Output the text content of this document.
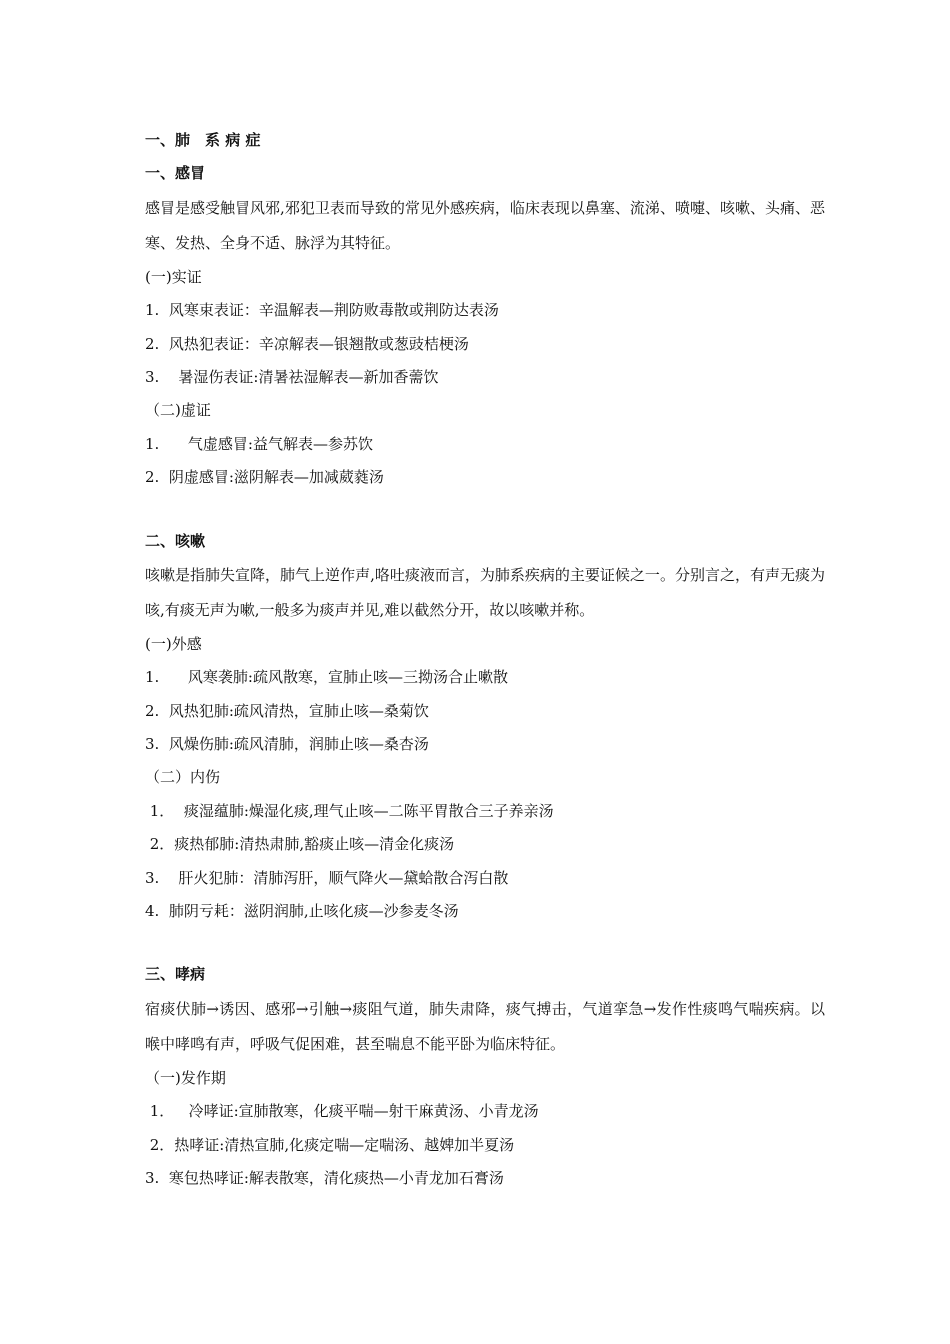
一、肺　系 病 症
一、感冒
感冒是感受触冒风邪,邪犯卫表而导致的常见外感疾病，临床表现以鼻塞、流涕、喷嚏、咳嗽、头痛、恶寒、发热、全身不适、脉浮为其特征。
(一)实证
1.  风寒束表证：辛温解表—荆防败毒散或荆防达表汤
2.  风热犯表证：辛凉解表—银翘散或葱豉桔梗汤
3.    暑湿伤表证:清暑祛湿解表—新加香薷饮
（二)虚证
1.      气虚感冒:益气解表—参苏饮
2.  阴虚感冒:滋阴解表—加减葳蕤汤
二、咳嗽
咳嗽是指肺失宣降，肺气上逆作声,咯吐痰液而言，为肺系疾病的主要证候之一。分别言之，有声无痰为咳,有痰无声为嗽,一般多为痰声并见,难以截然分开，故以咳嗽并称。
(一)外感
1.      风寒袭肺:疏风散寒，宣肺止咳—三拗汤合止嗽散
2.  风热犯肺:疏风清热，宣肺止咳—桑菊饮
3.  风燥伤肺:疏风清肺，润肺止咳—桑杏汤
（二）内伤
1．  痰湿蕴肺:燥湿化痰,理气止咳—二陈平胃散合三子养亲汤
2．痰热郁肺:清热肃肺,豁痰止咳—清金化痰汤
3.    肝火犯肺：清肺泻肝，顺气降火—黛蛤散合泻白散
4.  肺阴亏耗：滋阴润肺,止咳化痰—沙参麦冬汤
三、哮病
宿痰伏肺→诱因、感邪→引触→痰阻气道，肺失肃降，痰气搏击，气道挛急→发作性痰鸣气喘疾病。以喉中哮鸣有声，呼吸气促困难，甚至喘息不能平卧为临床特征。
（一)发作期
1．   冷哮证:宣肺散寒，化痰平喘—射干麻黄汤、小青龙汤
2．热哮证:清热宣肺,化痰定喘—定喘汤、越婢加半夏汤
3.  寒包热哮证:解表散寒，清化痰热—小青龙加石膏汤
